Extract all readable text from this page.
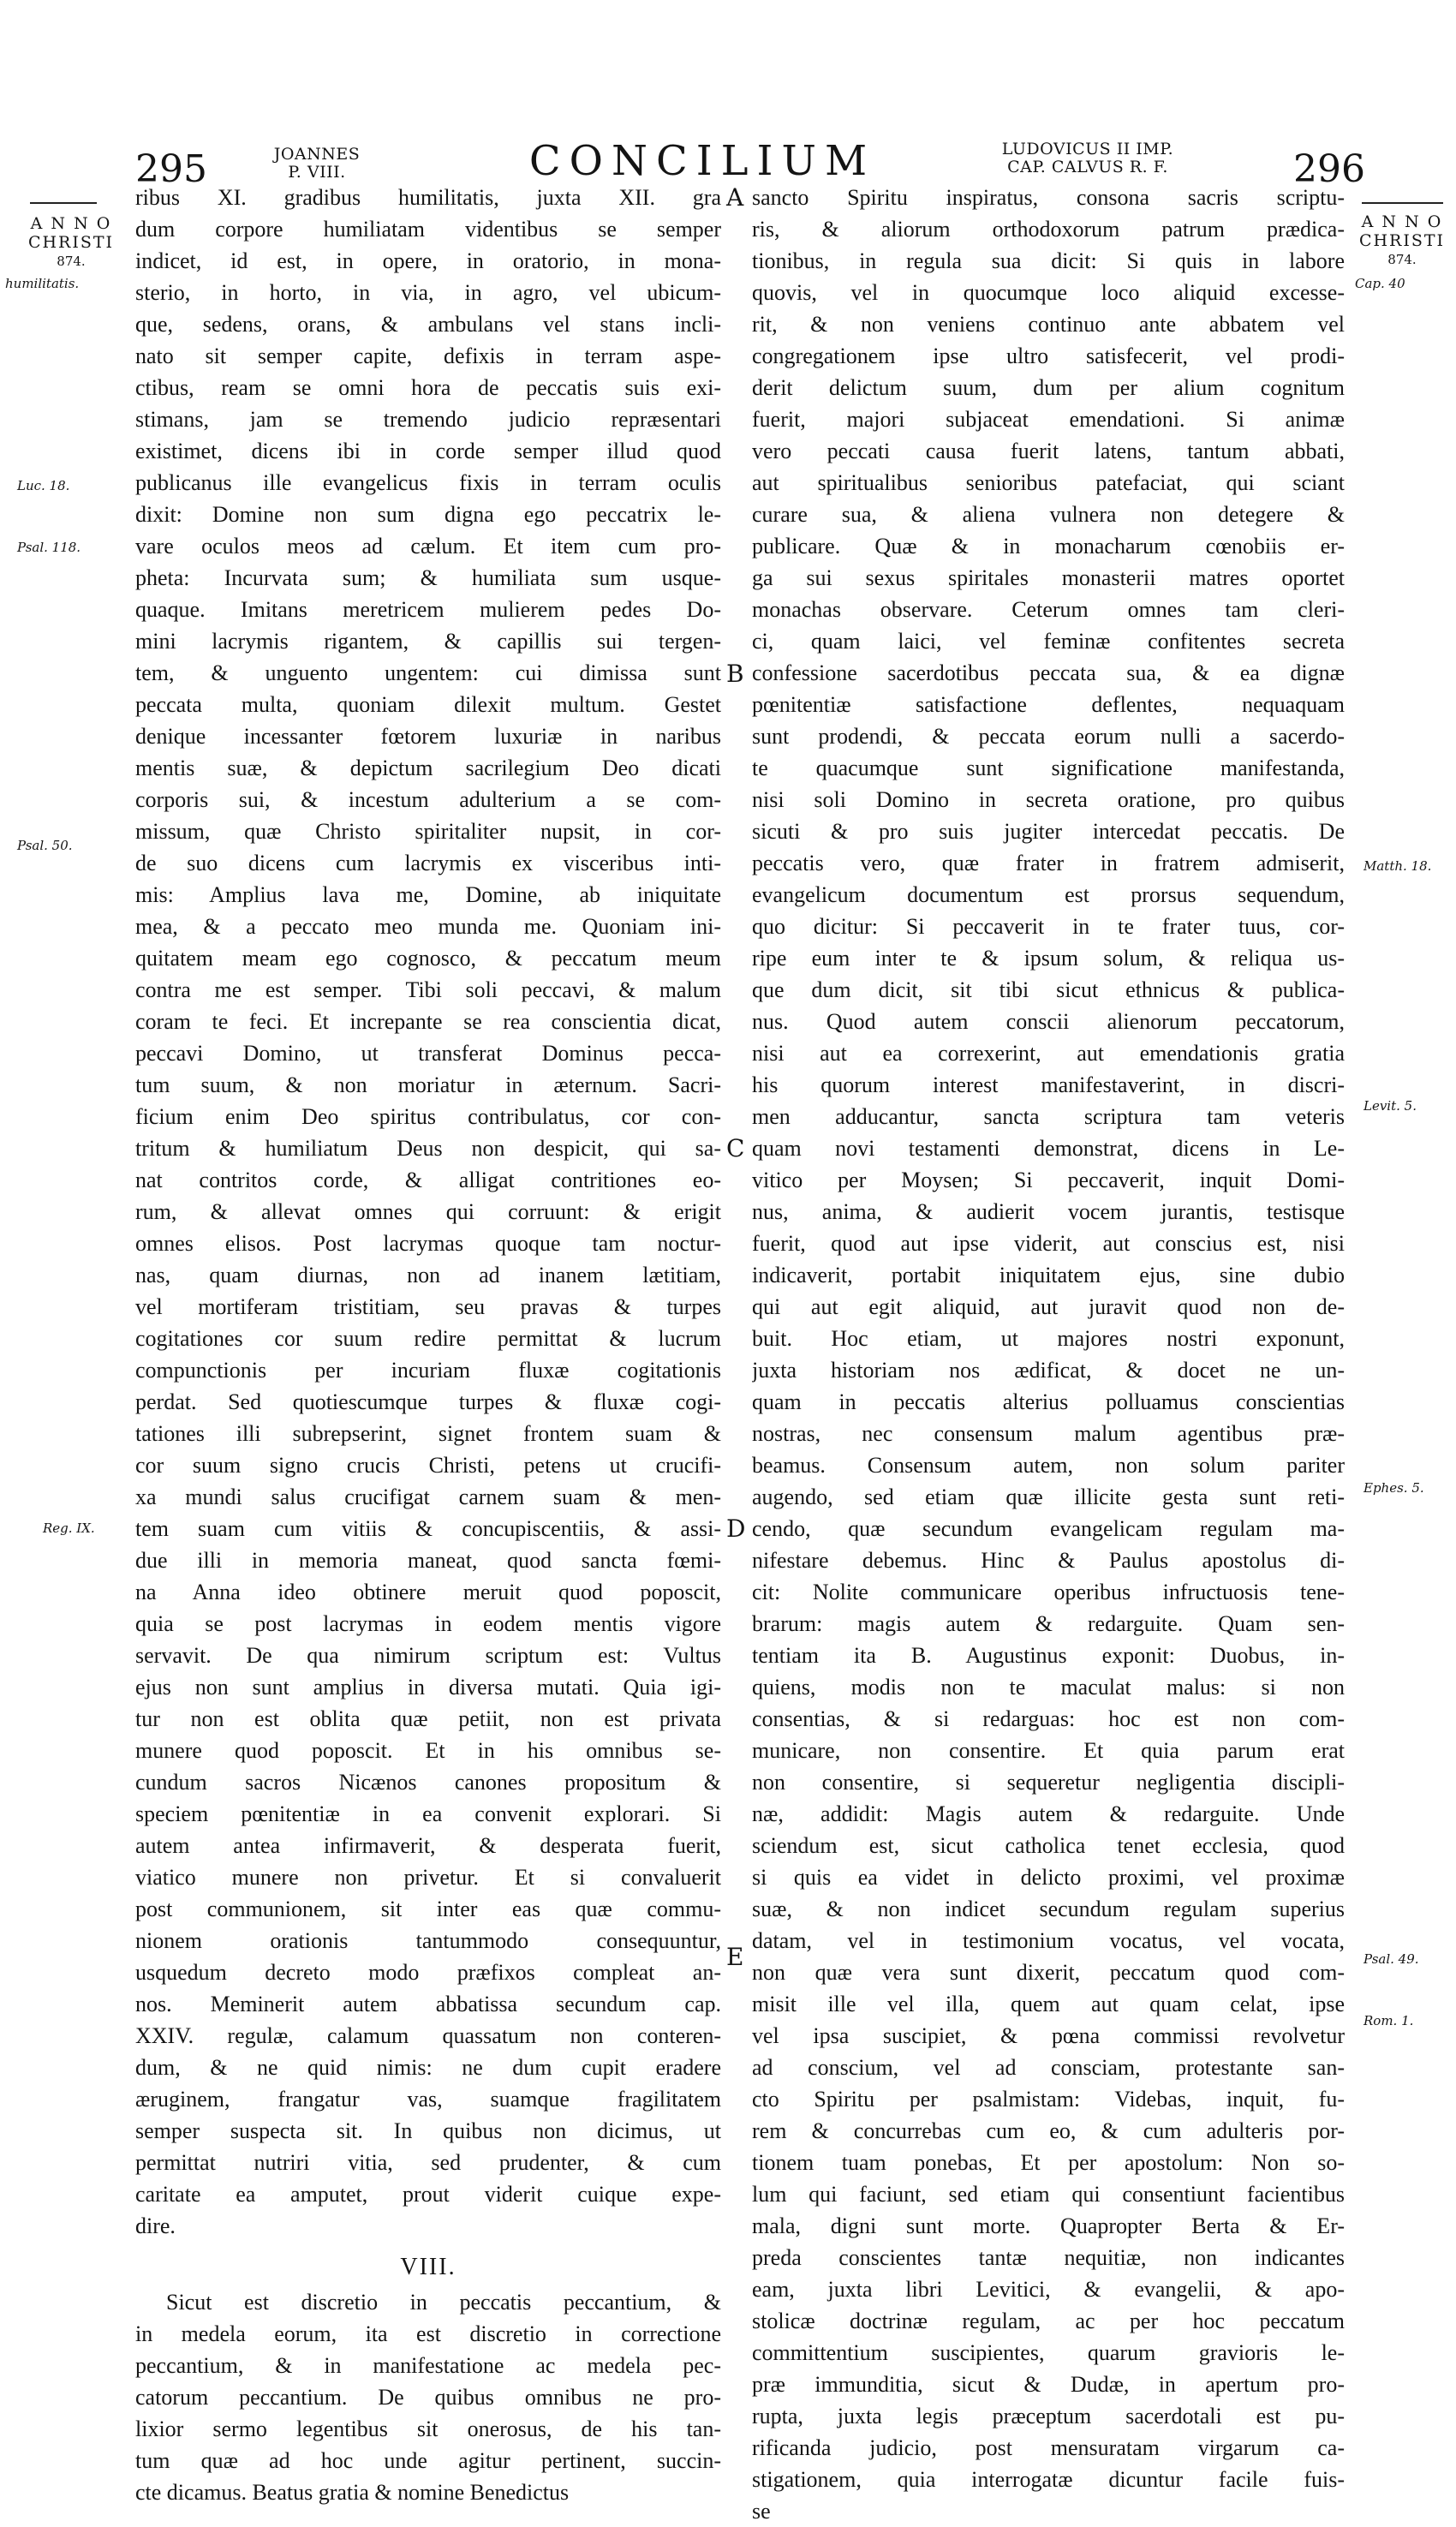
295	JOANNES
P. VIII.	CONCILIUM	LUDOVICUS II IMP.
CAP. CALVUS R. F.	296
A N N O
CHRISTI
874.
A N N O
CHRISTI
874.
humilitatis.
Luc. 18.
Psal. 118.
Psal. 50.
Reg. IX.
Cap. 40
Matth. 18.
Levit. 5.
Ephes. 5.
Psal. 49.
Rom. 1.
A
B
C
D
E
ribus XI. gradibus humilitatis, juxta XII. gra
dum corpore humiliatam videntibus se semper
indicet, id est, in opere, in oratorio, in mona-
sterio, in horto, in via, in agro, vel ubicum-
que, sedens, orans, & ambulans vel stans incli-
nato sit semper capite, defixis in terram aspe-
ctibus, ream se omni hora de peccatis suis exi-
stimans, jam se tremendo judicio repræsentari
existimet, dicens ibi in corde semper illud quod
publicanus ille evangelicus fixis in terram oculis
dixit: Domine non sum digna ego peccatrix le-
vare oculos meos ad cælum. Et item cum pro-
pheta: Incurvata sum; & humiliata sum usque-
quaque. Imitans meretricem mulierem pedes Do-
mini lacrymis rigantem, & capillis sui tergen-
tem, & unguento ungentem: cui dimissa sunt
peccata multa, quoniam dilexit multum. Gestet
denique incessanter fœtorem luxuriæ in naribus
mentis suæ, & depictum sacrilegium Deo dicati
corporis sui, & incestum adulterium a se com-
missum, quæ Christo spiritaliter nupsit, in cor-
de suo dicens cum lacrymis ex visceribus inti-
mis: Amplius lava me, Domine, ab iniquitate
mea, & a peccato meo munda me. Quoniam ini-
quitatem meam ego cognosco, & peccatum meum
contra me est semper. Tibi soli peccavi, & malum
coram te feci. Et increpante se rea conscientia dicat,
peccavi Domino, ut transferat Dominus pecca-
tum suum, & non moriatur in æternum. Sacri-
ficium enim Deo spiritus contribulatus, cor con-
tritum & humiliatum Deus non despicit, qui sa-
nat contritos corde, & alligat contritiones eo-
rum, & allevat omnes qui corruunt: & erigit
omnes elisos. Post lacrymas quoque tam noctur-
nas, quam diurnas, non ad inanem lætitiam,
vel mortiferam tristitiam, seu pravas & turpes
cogitationes cor suum redire permittat & lucrum
compunctionis per incuriam fluxæ cogitationis
perdat. Sed quotiescumque turpes & fluxæ cogi-
tationes illi subrepserint, signet frontem suam &
cor suum signo crucis Christi, petens ut crucifi-
xa mundi salus crucifigat carnem suam & men-
tem suam cum vitiis & concupiscentiis, & assi-
due illi in memoria maneat, quod sancta fœmi-
na Anna ideo obtinere meruit quod poposcit,
quia se post lacrymas in eodem mentis vigore
servavit. De qua nimirum scriptum est: Vultus
ejus non sunt amplius in diversa mutati. Quia igi-
tur non est oblita quæ petiit, non est privata
munere quod poposcit. Et in his omnibus se-
cundum sacros Nicænos canones propositum &
speciem pœnitentiæ in ea convenit explorari. Si
autem antea infirmaverit, & desperata fuerit,
viatico munere non privetur. Et si convaluerit
post communionem, sit inter eas quæ commu-
nionem orationis tantummodo consequuntur,
usquedum decreto modo præfixos compleat an-
nos. Meminerit autem abbatissa secundum cap.
XXIV. regulæ, calamum quassatum non conteren-
dum, & ne quid nimis: ne dum cupit eradere
æruginem, frangatur vas, suamque fragilitatem
semper suspecta sit. In quibus non dicimus, ut
permittat nutriri vitia, sed prudenter, & cum
caritate ea amputet, prout viderit cuique expe-
dire.
VIII.
Sicut est discretio in peccatis peccantium, &
in medela eorum, ita est discretio in correctione
peccantium, & in manifestatione ac medela pec-
catorum peccantium. De quibus omnibus ne pro-
lixior sermo legentibus sit onerosus, de his tan-
tum quæ ad hoc unde agitur pertinent, succin-
cte dicamus. Beatus gratia & nomine Benedictus
sancto Spiritu inspiratus, consona sacris scriptu-
ris, & aliorum orthodoxorum patrum prædica-
tionibus, in regula sua dicit: Si quis in labore
quovis, vel in quocumque loco aliquid excesse-
rit, & non veniens continuo ante abbatem vel
congregationem ipse ultro satisfecerit, vel prodi-
derit delictum suum, dum per alium cognitum
fuerit, majori subjaceat emendationi. Si animæ
vero peccati causa fuerit latens, tantum abbati,
aut spiritualibus senioribus patefaciat, qui sciant
curare sua, & aliena vulnera non detegere &
publicare. Quæ & in monacharum cœnobiis er-
ga sui sexus spiritales monasterii matres oportet
monachas observare. Ceterum omnes tam cleri-
ci, quam laici, vel feminæ confitentes secreta
confessione sacerdotibus peccata sua, & ea dignæ
pœnitentiæ satisfactione deflentes, nequaquam
sunt prodendi, & peccata eorum nulli a sacerdo-
te quacumque sunt significatione manifestanda,
nisi soli Domino in secreta oratione, pro quibus
sicuti & pro suis jugiter intercedat peccatis. De
peccatis vero, quæ frater in fratrem admiserit,
evangelicum documentum est prorsus sequendum,
quo dicitur: Si peccaverit in te frater tuus, cor-
ripe eum inter te & ipsum solum, & reliqua us-
que dum dicit, sit tibi sicut ethnicus & publica-
nus. Quod autem conscii alienorum peccatorum,
nisi aut ea correxerint, aut emendationis gratia
his quorum interest manifestaverint, in discri-
men adducantur, sancta scriptura tam veteris
quam novi testamenti demonstrat, dicens in Le-
vitico per Moysen; Si peccaverit, inquit Domi-
nus, anima, & audierit vocem jurantis, testisque
fuerit, quod aut ipse viderit, aut conscius est, nisi
indicaverit, portabit iniquitatem ejus, sine dubio
qui aut egit aliquid, aut juravit quod non de-
buit. Hoc etiam, ut majores nostri exponunt,
juxta historiam nos ædificat, & docet ne un-
quam in peccatis alterius polluamus conscientias
nostras, nec consensum malum agentibus præ-
beamus. Consensum autem, non solum pariter
augendo, sed etiam quæ illicite gesta sunt reti-
cendo, quæ secundum evangelicam regulam ma-
nifestare debemus. Hinc & Paulus apostolus di-
cit: Nolite communicare operibus infructuosis tene-
brarum: magis autem & redarguite. Quam sen-
tentiam ita B. Augustinus exponit: Duobus, in-
quiens, modis non te maculat malus: si non
consentias, & si redarguas: hoc est non com-
municare, non consentire. Et quia parum erat
non consentire, si sequeretur negligentia discipli-
næ, addidit: Magis autem & redarguite. Unde
sciendum est, sicut catholica tenet ecclesia, quod
si quis ea videt in delicto proximi, vel proximæ
suæ, & non indicet secundum regulam superius
datam, vel in testimonium vocatus, vel vocata,
non quæ vera sunt dixerit, peccatum quod com-
misit ille vel illa, quem aut quam celat, ipse
vel ipsa suscipiet, & pœna commissi revolvetur
ad conscium, vel ad consciam, protestante san-
cto Spiritu per psalmistam: Videbas, inquit, fu-
rem & concurrebas cum eo, & cum adulteris por-
tionem tuam ponebas, Et per apostolum: Non so-
lum qui faciunt, sed etiam qui consentiunt facientibus
mala, digni sunt morte. Quapropter Berta & Er-
preda conscientes tantæ nequitiæ, non indicantes
eam, juxta libri Levitici, & evangelii, & apo-
stolicæ doctrinæ regulam, ac per hoc peccatum
committentium suscipientes, quarum gravioris le-
præ immunditia, sicut & Dudæ, in apertum pro-
rupta, juxta legis præceptum sacerdotali est pu-
rificanda judicio, post mensuratam virgarum ca-
stigationem, quia interrogatæ dicuntur facile fuis-
se
